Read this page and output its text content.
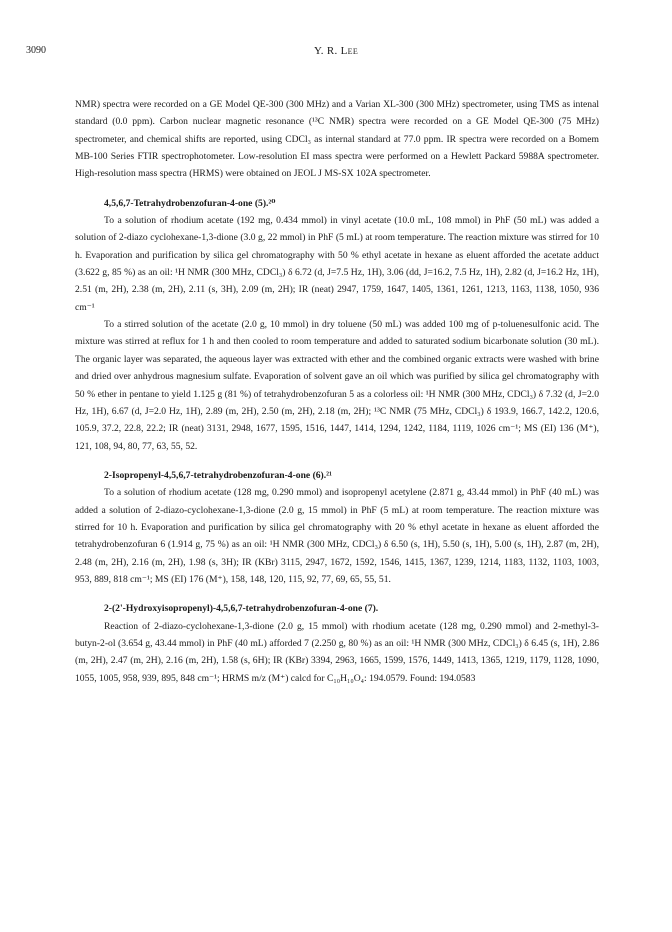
3090	Y. R. Lee

NMR) spectra were recorded on a GE Model QE-300 (300 MHz) and a Varian XL-300 (300 MHz) spectrometer, using TMS as intenal standard (0.0 ppm). Carbon nuclear magnetic resonance (¹³C NMR) spectra were recorded on a GE Model QE-300 (75 MHz) spectrometer, and chemical shifts are reported, using CDCl₃ as internal standard at 77.0 ppm. IR spectra were recorded on a Bomem MB-100 Series FTIR spectrophotometer. Low-resolution EI mass spectra were performed on a Hewlett Packard 5988A spectrometer. High-resolution mass spectra (HRMS) were obtained on JEOL J MS-SX 102A spectrometer.

4,5,6,7-Tetrahydrobenzofuran-4-one (5).²⁰

To a solution of rhodium acetate (192 mg, 0.434 mmol) in vinyl acetate (10.0 mL, 108 mmol) in PhF (50 mL) was added a solution of 2-diazo cyclohexane-1,3-dione (3.0 g, 22 mmol) in PhF (5 mL) at room temperature. The reaction mixture was stirred for 10 h. Evaporation and purification by silica gel chromatography with 50 % ethyl acetate in hexane as eluent afforded the acetate adduct (3.622 g, 85 %) as an oil: ¹H NMR (300 MHz, CDCl₃) δ 6.72 (d, J=7.5 Hz, 1H), 3.06 (dd, J=16.2, 7.5 Hz, 1H), 2.82 (d, J=16.2 Hz, 1H), 2.51 (m, 2H), 2.38 (m, 2H), 2.11 (s, 3H), 2.09 (m, 2H); IR (neat) 2947, 1759, 1647, 1405, 1361, 1261, 1213, 1163, 1138, 1050, 936 cm⁻¹

To a stirred solution of the acetate (2.0 g, 10 mmol) in dry toluene (50 mL) was added 100 mg of p-toluenesulfonic acid. The mixture was stirred at reflux for 1 h and then cooled to room temperature and added to saturated sodium bicarbonate solution (30 mL). The organic layer was separated, the aqueous layer was extracted with ether and the combined organic extracts were washed with brine and dried over anhydrous magnesium sulfate. Evaporation of solvent gave an oil which was purified by silica gel chromatography with 50 % ether in pentane to yield 1.125 g (81 %) of tetrahydrobenzofuran 5 as a colorless oil: ¹H NMR (300 MHz, CDCl₃) δ 7.32 (d, J=2.0 Hz, 1H), 6.67 (d, J=2.0 Hz, 1H), 2.89 (m, 2H), 2.50 (m, 2H), 2.18 (m, 2H); ¹³C NMR (75 MHz, CDCl₃) δ 193.9, 166.7, 142.2, 120.6, 105.9, 37.2, 22.8, 22.2; IR (neat) 3131, 2948, 1677, 1595, 1516, 1447, 1414, 1294, 1242, 1184, 1119, 1026 cm⁻¹; MS (EI) 136 (M⁺), 121, 108, 94, 80, 77, 63, 55, 52.

2-Isopropenyl-4,5,6,7-tetrahydrobenzofuran-4-one (6).²¹

To a solution of rhodium acetate (128 mg, 0.290 mmol) and isopropenyl acetylene (2.871 g, 43.44 mmol) in PhF (40 mL) was added a solution of 2-diazo-cyclohexane-1,3-dione (2.0 g, 15 mmol) in PhF (5 mL) at room temperature. The reaction mixture was stirred for 10 h. Evaporation and purification by silica gel chromatography with 20 % ethyl acetate in hexane as eluent afforded the tetrahydrobenzofuran 6 (1.914 g, 75 %) as an oil: ¹H NMR (300 MHz, CDCl₃) δ 6.50 (s, 1H), 5.50 (s, 1H), 5.00 (s, 1H), 2.87 (m, 2H), 2.48 (m, 2H), 2.16 (m, 2H), 1.98 (s, 3H); IR (KBr) 3115, 2947, 1672, 1592, 1546, 1415, 1367, 1239, 1214, 1183, 1132, 1103, 1003, 953, 889, 818 cm⁻¹; MS (EI) 176 (M⁺), 158, 148, 120, 115, 92, 77, 69, 65, 55, 51.

2-(2'-Hydroxyisopropenyl)-4,5,6,7-tetrahydrobenzofuran-4-one (7).

Reaction of 2-diazo-cyclohexane-1,3-dione (2.0 g, 15 mmol) with rhodium acetate (128 mg, 0.290 mmol) and 2-methyl-3-butyn-2-ol (3.654 g, 43.44 mmol) in PhF (40 mL) afforded 7 (2.250 g, 80 %) as an oil: ¹H NMR (300 MHz, CDCl₃) δ 6.45 (s, 1H), 2.86 (m, 2H), 2.47 (m, 2H), 2.16 (m, 2H), 1.58 (s, 6H); IR (KBr) 3394, 2963, 1665, 1599, 1576, 1449, 1413, 1365, 1219, 1179, 1128, 1090, 1055, 1005, 958, 939, 895, 848 cm⁻¹; HRMS m/z (M⁺) calcd for C₁₀H₁₀O₄: 194.0579. Found: 194.0583
